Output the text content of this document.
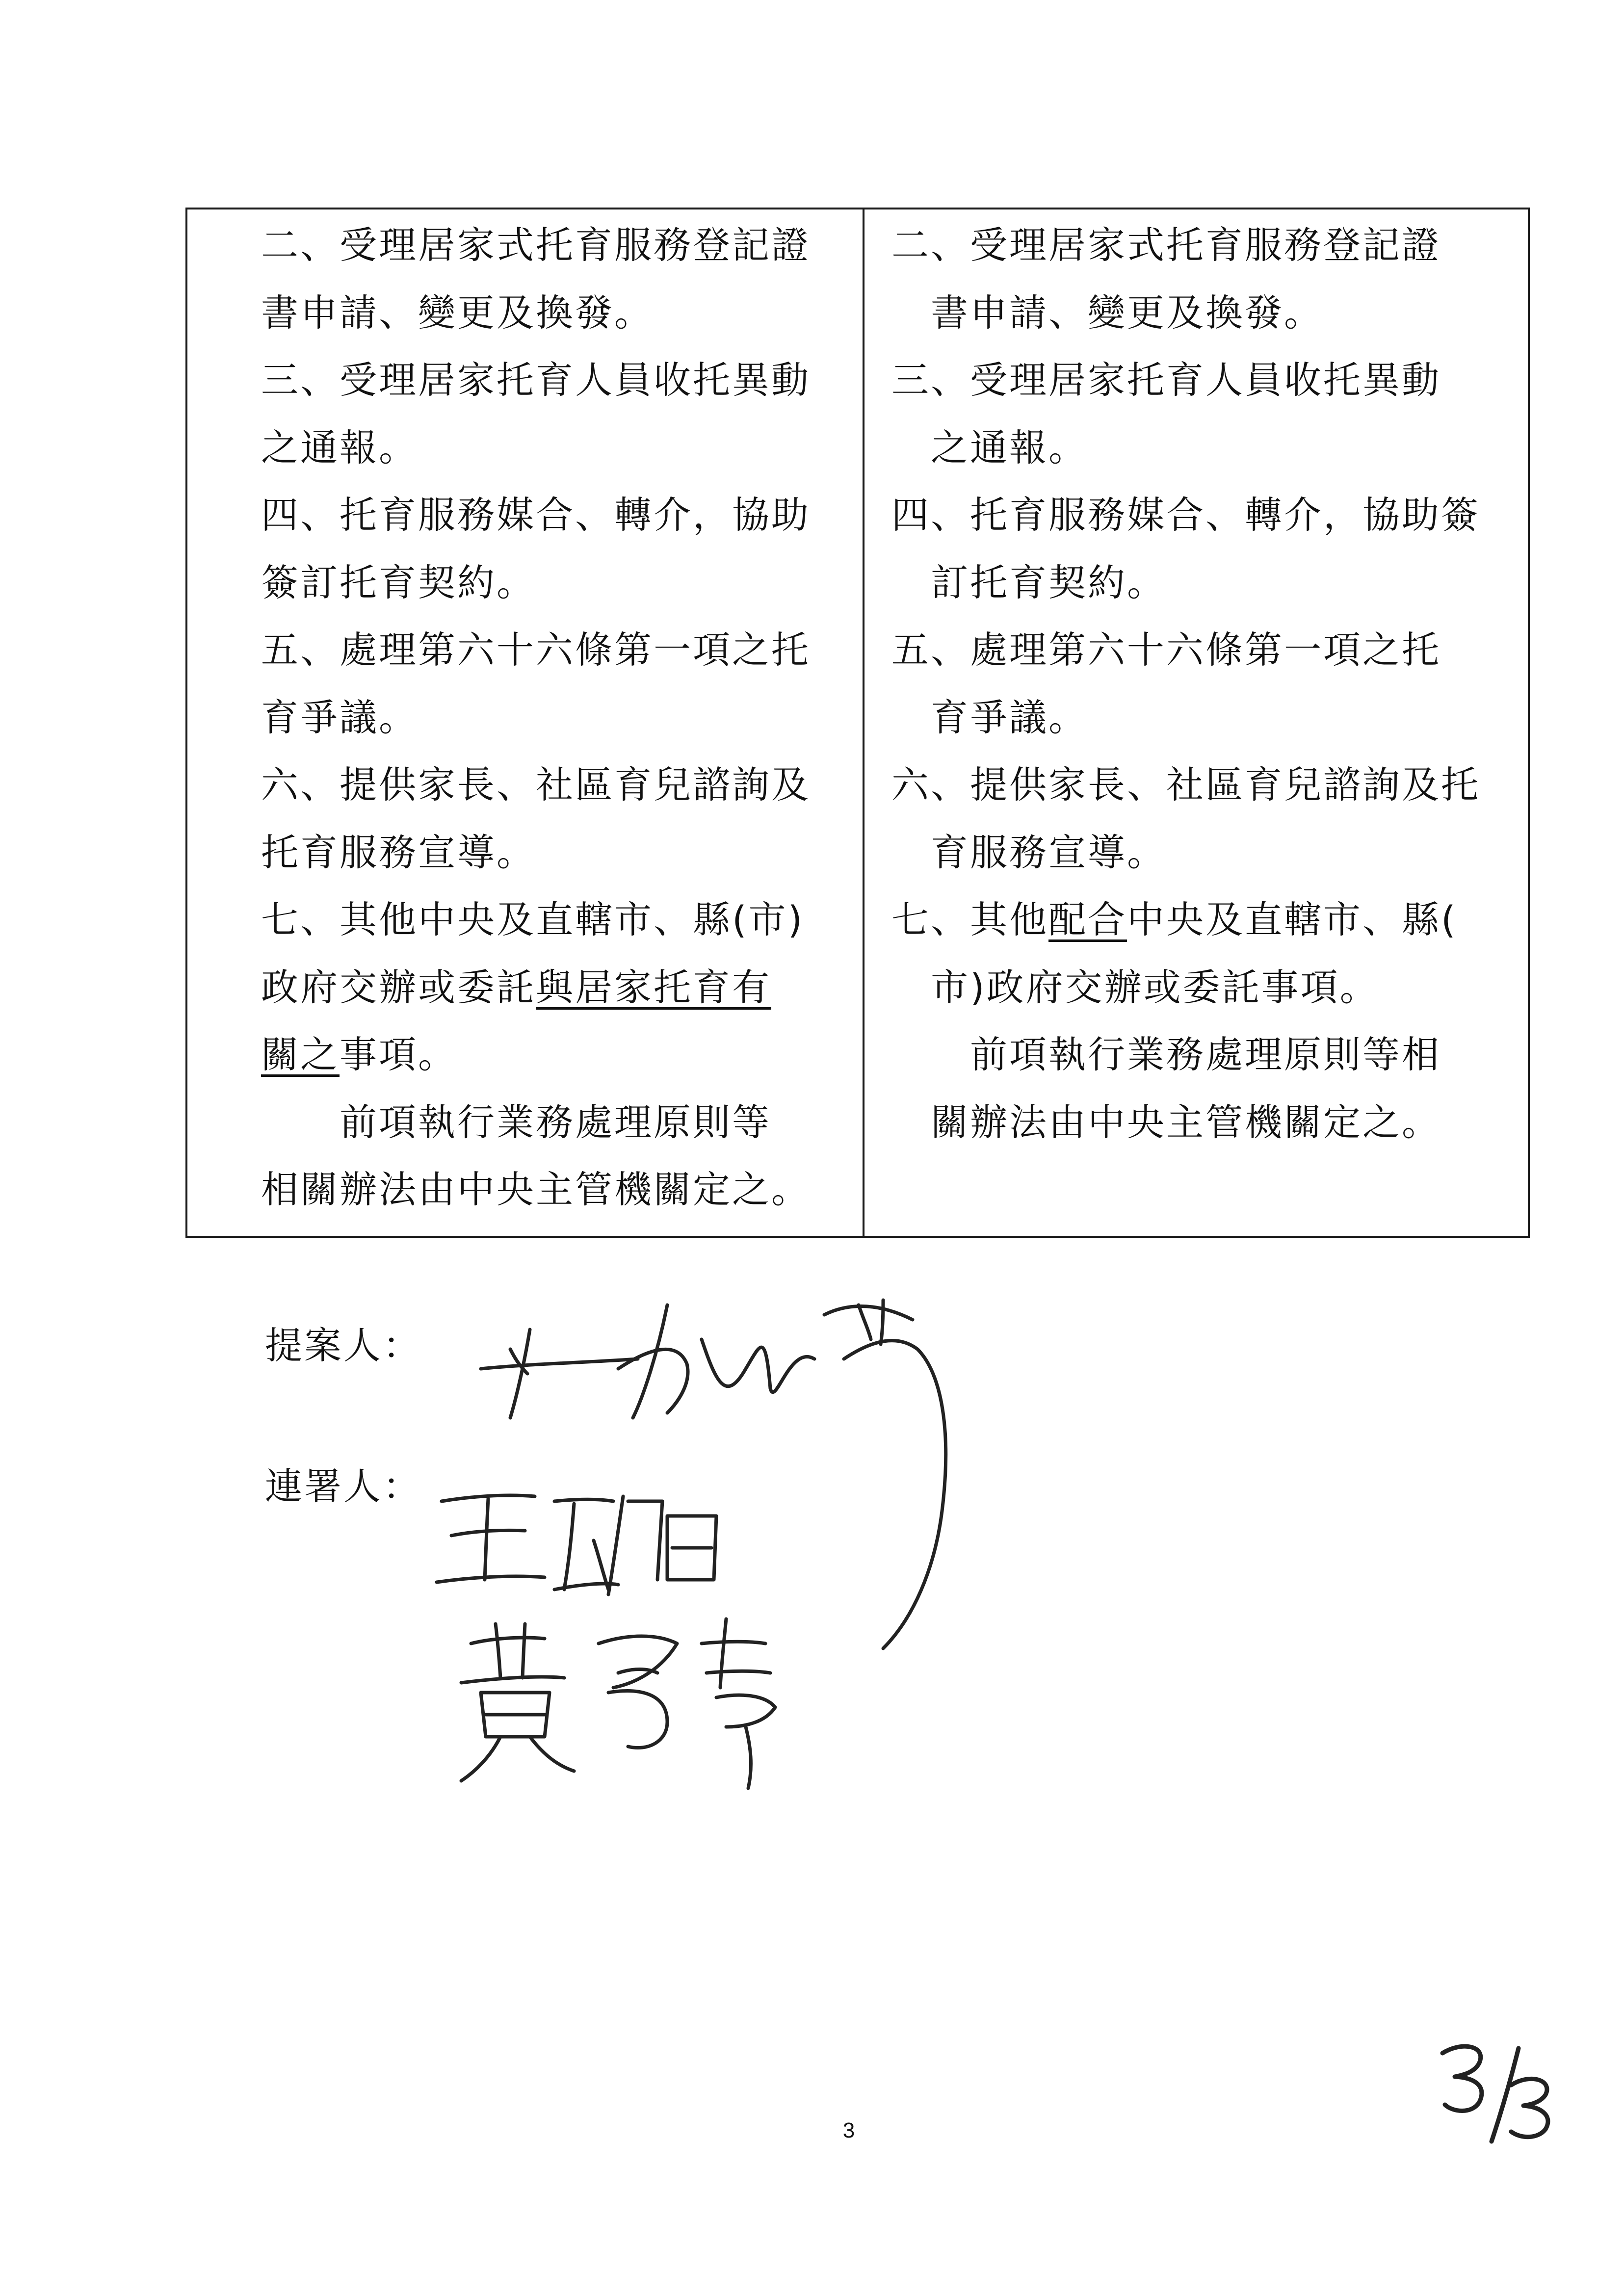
二、受理居家式托育服務登記證
書申請、變更及換發。
三、受理居家托育人員收托異動
之通報。
四、托育服務媒合、轉介，協助
簽訂托育契約。
五、處理第六十六條第一項之托
育爭議。
六、提供家長、社區育兒諮詢及
托育服務宣導。
七、其他中央及直轄市、縣(市)
政府交辦或委託與居家托育有
關之事項。
　　前項執行業務處理原則等
相關辦法由中央主管機關定之。
二、受理居家式托育服務登記證
　書申請、變更及換發。
三、受理居家托育人員收托異動
　之通報。
四、托育服務媒合、轉介，協助簽
　訂托育契約。
五、處理第六十六條第一項之托
　育爭議。
六、提供家長、社區育兒諮詢及托
　育服務宣導。
七、其他配合中央及直轄市、縣(
　市)政府交辦或委託事項。
　　前項執行業務處理原則等相
　關辦法由中央主管機關定之。
提案人：
連署人：
3
